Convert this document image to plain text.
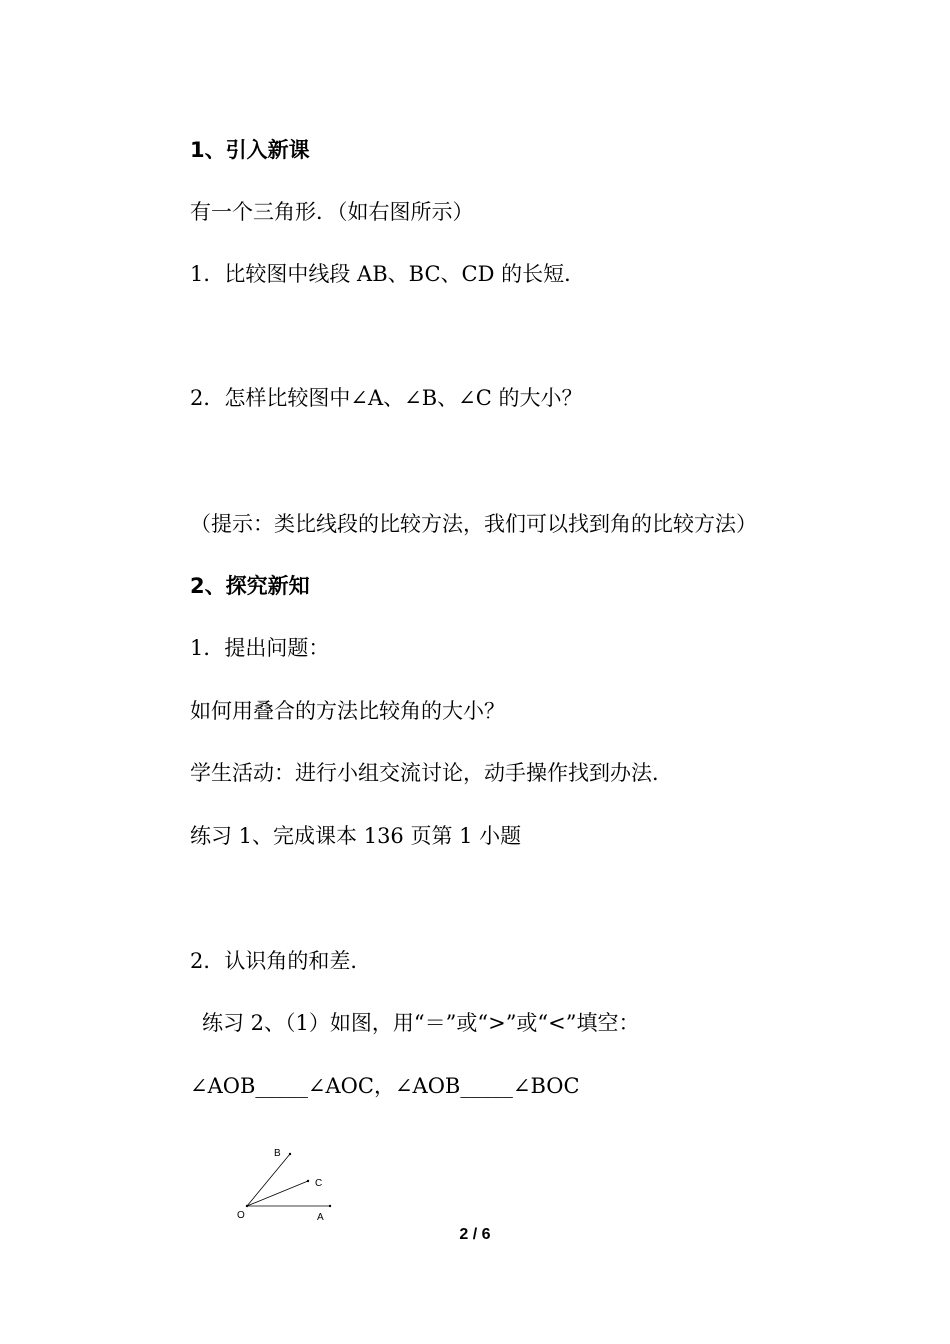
1、引入新课
有一个三角形．（如右图所示）
1．比较图中线段 AB、BC、CD 的长短．
2．怎样比较图中∠A、∠B、∠C 的大小？
（提示：类比线段的比较方法，我们可以找到角的比较方法）
2、探究新知
1．提出问题：
如何用叠合的方法比较角的大小？
学生活动：进行小组交流讨论，动手操作找到办法．
练习 1、完成课本 136 页第 1 小题
2．认识角的和差．
练习 2、（1）如图，用“＝”或“>”或“<”填空：
∠AOB_____∠AOC，∠AOB_____∠BOC
B
C
O	A
2 / 6
